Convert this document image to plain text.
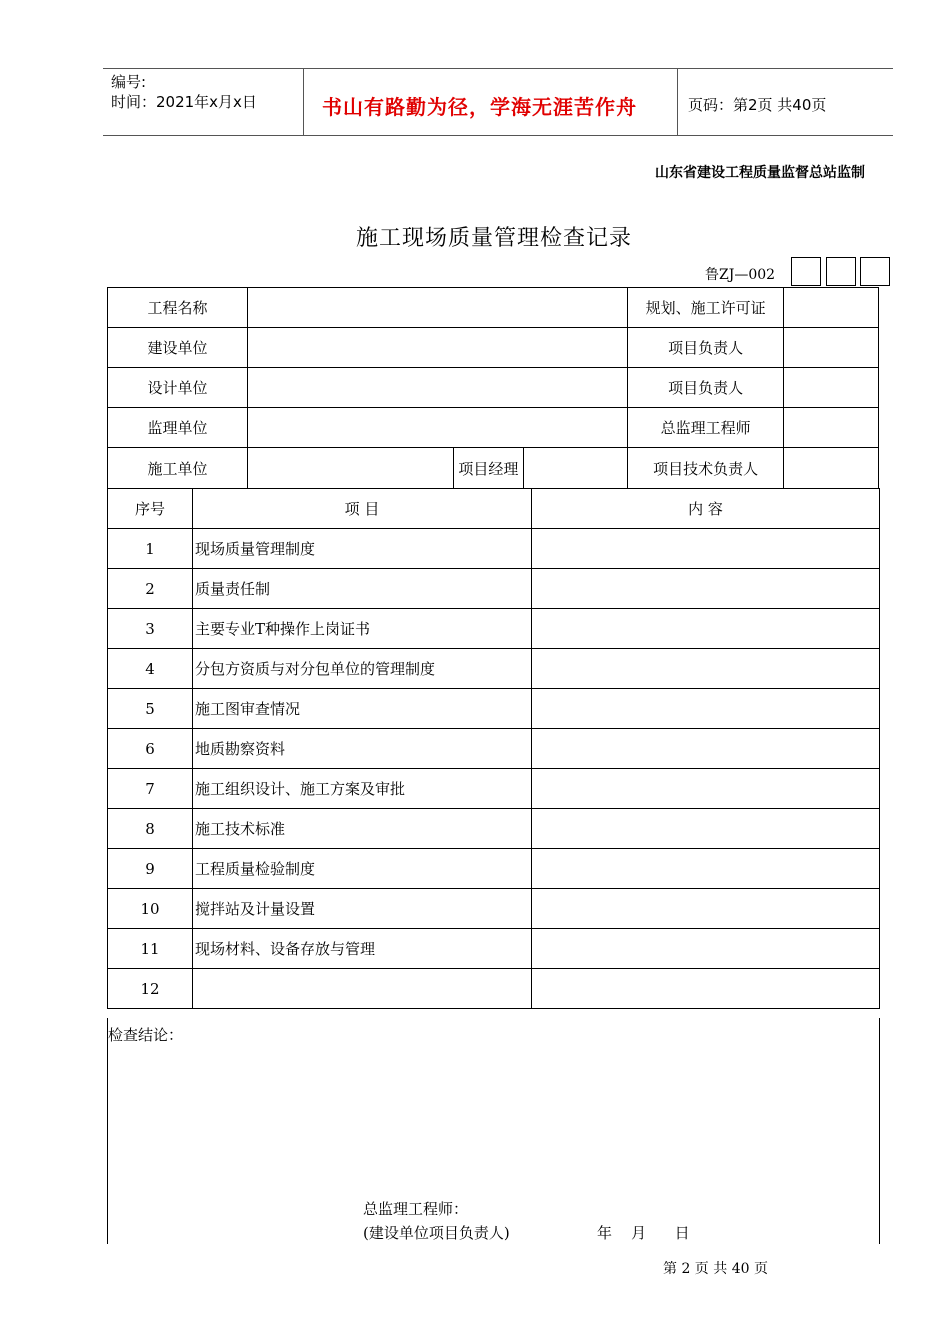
编号:
时间：2021年x月x日	书山有路勤为径，学海无涯苦作舟	页码：第2页 共40页
山东省建设工程质量监督总站监制
施工现场质量管理检查记录
鲁ZJ—002
工程名称				规划、施工许可证	
建设单位				项目负责人	
设计单位				项目负责人	
监理单位				总监理工程师	
施工单位		项目经理		项目技术负责人	
序号	项 目	内 容
1	现场质量管理制度	
2	质量责任制	
3	主要专业T种操作上岗证书	
4	分包方资质与对分包单位的管理制度	
5	施工图审查情况	
6	地质勘察资料	
7	施工组织设计、施工方案及审批	
8	施工技术标准	
9	工程质量检验制度	
10	搅拌站及计量设置	
11	现场材料、设备存放与管理	
12		
检查结论：
总监理工程师：
(建设单位项目负责人)	年    月      日
第 2 页 共 40 页
